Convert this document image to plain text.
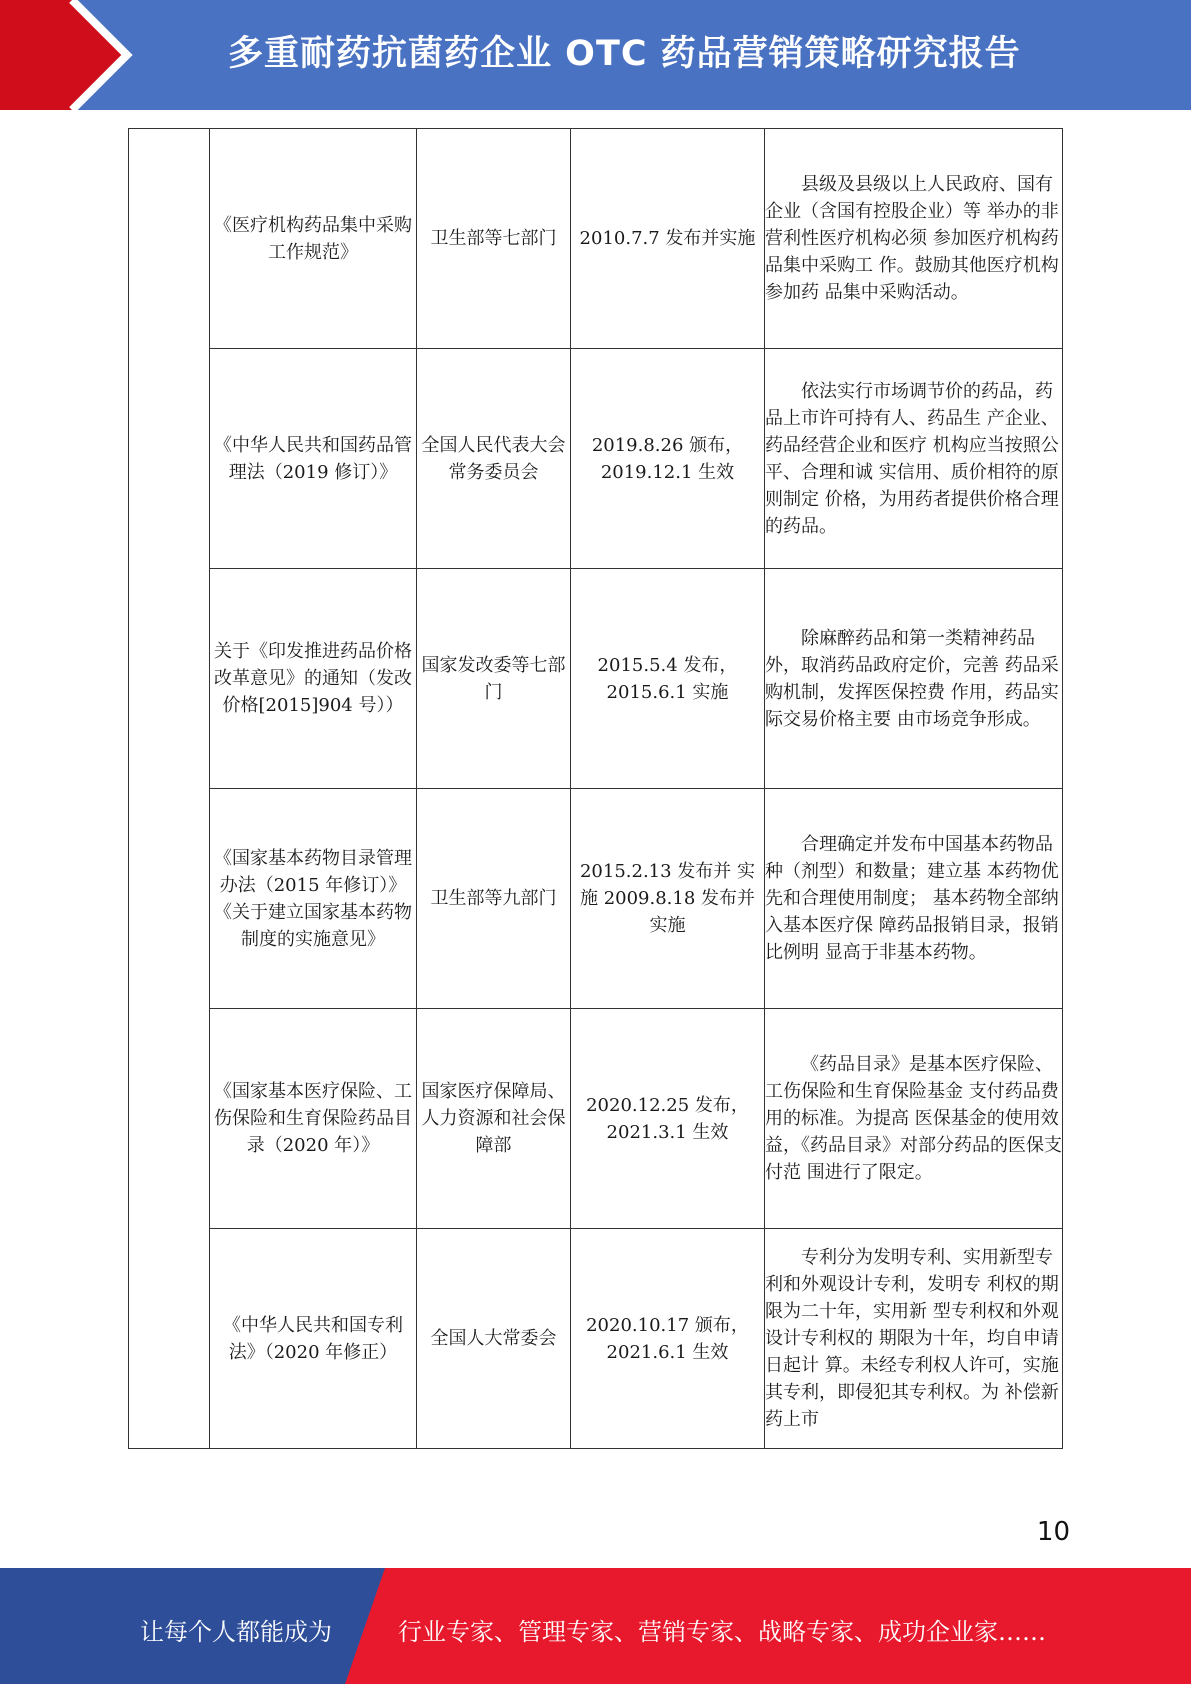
多重耐药抗菌药企业 OTC 药品营销策略研究报告

	《医疗机构药品集中采购工作规范》	卫生部等七部门	2010.7.7 发布并实施	县级及县级以上人民政府、国有企业（含国有控股企业）等 举办的非营利性医疗机构必须 参加医疗机构药品集中采购工 作。鼓励其他医疗机构参加药 品集中采购活动。

	《中华人民共和国药品管理法（2019 修订）》	全国人民代表大会常务委员会	2019.8.26 颁布，2019.12.1 生效	依法实行市场调节价的药品，药品上市许可持有人、药品生 产企业、药品经营企业和医疗 机构应当按照公平、合理和诚 实信用、质价相符的原则制定 价格，为用药者提供价格合理 的药品。

	关于《印发推进药品价格改革意见》的通知（发改价格[2015]904 号））	国家发改委等七部门	2015.5.4 发布，2015.6.1 实施	除麻醉药品和第一类精神药品外，取消药品政府定价，完善 药品采购机制，发挥医保控费 作用，药品实际交易价格主要 由市场竞争形成。

	《国家基本药物目录管理办法（2015 年修订）》《关于建立国家基本药物制度的实施意见》	卫生部等九部门	2015.2.13 发布并 实施 2009.8.18 发布并 实施	合理确定并发布中国基本药物品种（剂型）和数量；建立基 本药物优先和合理使用制度； 基本药物全部纳入基本医疗保 障药品报销目录，报销比例明 显高于非基本药物。

	《国家基本医疗保险、工伤保险和生育保险药品目录（2020 年）》	国家医疗保障局、人力资源和社会保障部	2020.12.25 发布，2021.3.1 生效	《药品目录》是基本医疗保险、工伤保险和生育保险基金 支付药品费用的标准。为提高 医保基金的使用效益，《药品目录》对部分药品的医保支付范 围进行了限定。

	《中华人民共和国专利法》（2020 年修正）	全国人大常委会	2020.10.17 颁布，2021.6.1 生效	专利分为发明专利、实用新型专利和外观设计专利，发明专 利权的期限为二十年，实用新 型专利权和外观设计专利权的 期限为十年，均自申请日起计 算。未经专利权人许可，实施 其专利，即侵犯其专利权。为 补偿新药上市
10
让每个人都能成为	行业专家、管理专家、营销专家、战略专家、成功企业家……
